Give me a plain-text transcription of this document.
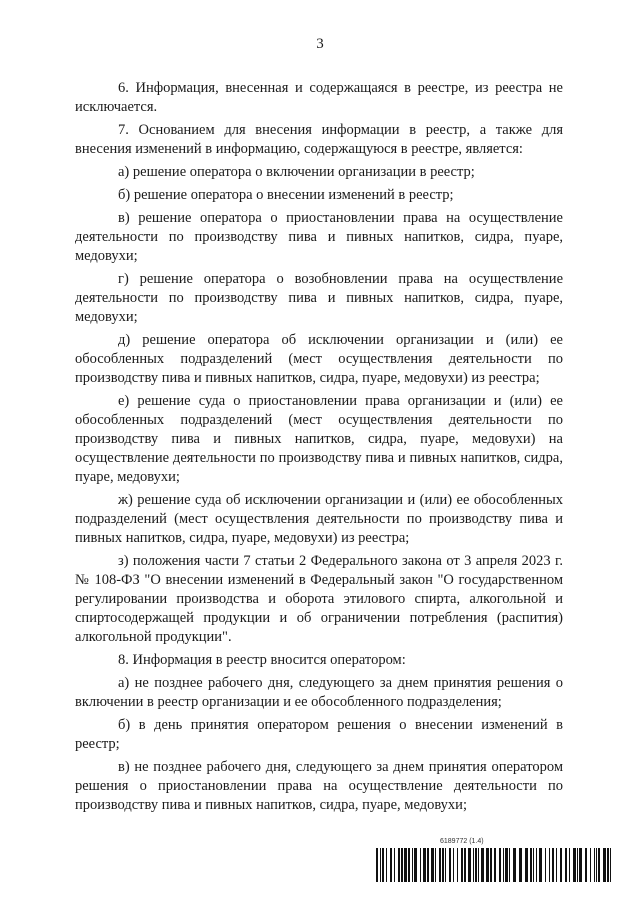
3

6. Информация, внесенная и содержащаяся в реестре, из реестра не исключается.

7. Основанием для внесения информации в реестр, а также для внесения изменений в информацию, содержащуюся в реестре, является:

а) решение оператора о включении организации в реестр;

б) решение оператора о внесении изменений в реестр;

в) решение оператора о приостановлении права на осуществление деятельности по производству пива и пивных напитков, сидра, пуаре, медовухи;

г) решение оператора о возобновлении права на осуществление деятельности по производству пива и пивных напитков, сидра, пуаре, медовухи;

д) решение оператора об исключении организации и (или) ее обособленных подразделений (мест осуществления деятельности по производству пива и пивных напитков, сидра, пуаре, медовухи) из реестра;

е) решение суда о приостановлении права организации и (или) ее обособленных подразделений (мест осуществления деятельности по производству пива и пивных напитков, сидра, пуаре, медовухи) на осуществление деятельности по производству пива и пивных напитков, сидра, пуаре, медовухи;

ж) решение суда об исключении организации и (или) ее обособленных подразделений (мест осуществления деятельности по производству пива и пивных напитков, сидра, пуаре, медовухи) из реестра;

з) положения части 7 статьи 2 Федерального закона от 3 апреля 2023 г. № 108-ФЗ "О внесении изменений в Федеральный закон "О государственном регулировании производства и оборота этилового спирта, алкогольной и спиртосодержащей продукции и об ограничении потребления (распития) алкогольной продукции".

8. Информация в реестр вносится оператором:

а) не позднее рабочего дня, следующего за днем принятия решения о включении в реестр организации и ее обособленного подразделения;

б) в день принятия оператором решения о внесении изменений в реестр;

в) не позднее рабочего дня, следующего за днем принятия оператором решения о приостановлении права на осуществление деятельности по производству пива и пивных напитков, сидра, пуаре, медовухи;

6189772 (1.4)
